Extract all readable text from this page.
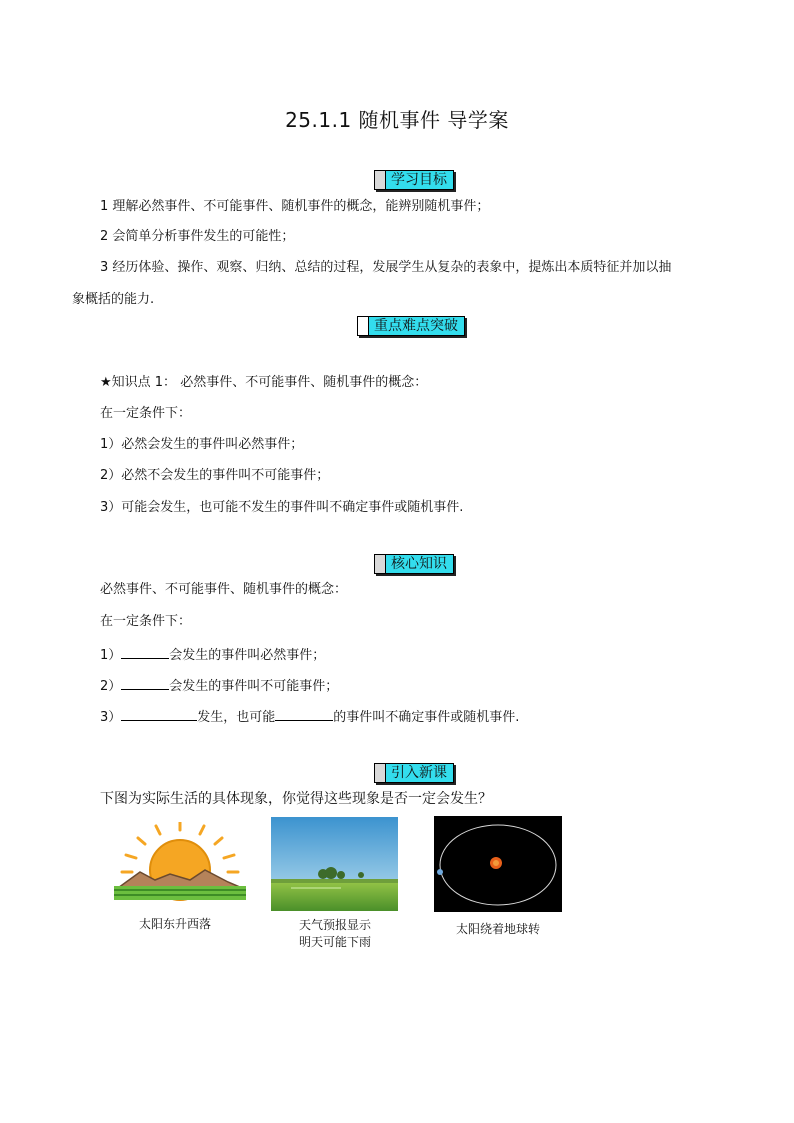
25.1.1 随机事件 导学案
学习目标
1 理解必然事件、不可能事件、随机事件的概念，能辨别随机事件；
2 会简单分析事件发生的可能性；
3 经历体验、操作、观察、归纳、总结的过程，发展学生从复杂的表象中，提炼出本质特征并加以抽
象概括的能力.
重点难点突破
★知识点 1： 必然事件、不可能事件、随机事件的概念：
在一定条件下：
1）必然会发生的事件叫必然事件；
2）必然不会发生的事件叫不可能事件；
3）可能会发生，也可能不发生的事件叫不确定事件或随机事件.
核心知识
必然事件、不可能事件、随机事件的概念：
在一定条件下：
1）	会发生的事件叫必然事件；
2）	会发生的事件叫不可能事件；
3）	发生，也可能	的事件叫不确定事件或随机事件.
引入新课
下图为实际生活的具体现象，你觉得这些现象是否一定会发生？
太阳东升西落	天气预报显示
明天可能下雨
太阳绕着地球转
